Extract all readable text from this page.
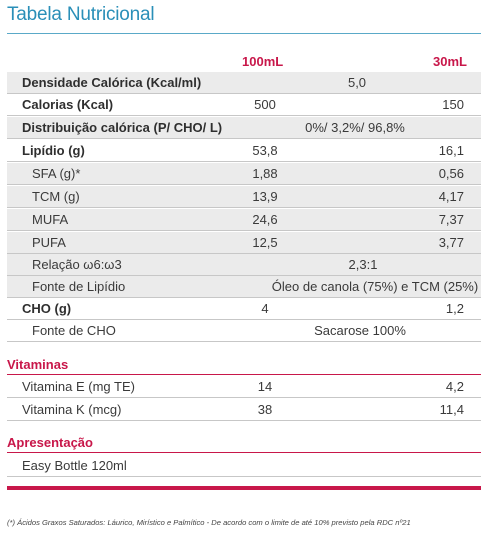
Tabela Nutricional
100mL	30mL
Densidade Calórica (Kcal/ml)	5,0
Calorias (Kcal)	500	150
Distribuição calórica (P/ CHO/ L)	0%/ 3,2%/ 96,8%
Lipídio (g)	53,8	16,1
SFA (g)*	1,88	0,56
TCM (g)	13,9	4,17
MUFA	24,6	7,37
PUFA	12,5	3,77
Relação ω6:ω3	2,3:1
Fonte de Lipídio	Óleo de canola (75%) e TCM (25%)
CHO (g)	4	1,2
Fonte de CHO	Sacarose 100%
Vitaminas
Vitamina E (mg TE)	14	4,2
Vitamina K (mcg)	38	11,4
Apresentação
Easy Bottle 120ml
(*) Ácidos Graxos Saturados: Láurico, Mirístico e Palmítico - De acordo com o limite de até 10% previsto pela RDC nº21
